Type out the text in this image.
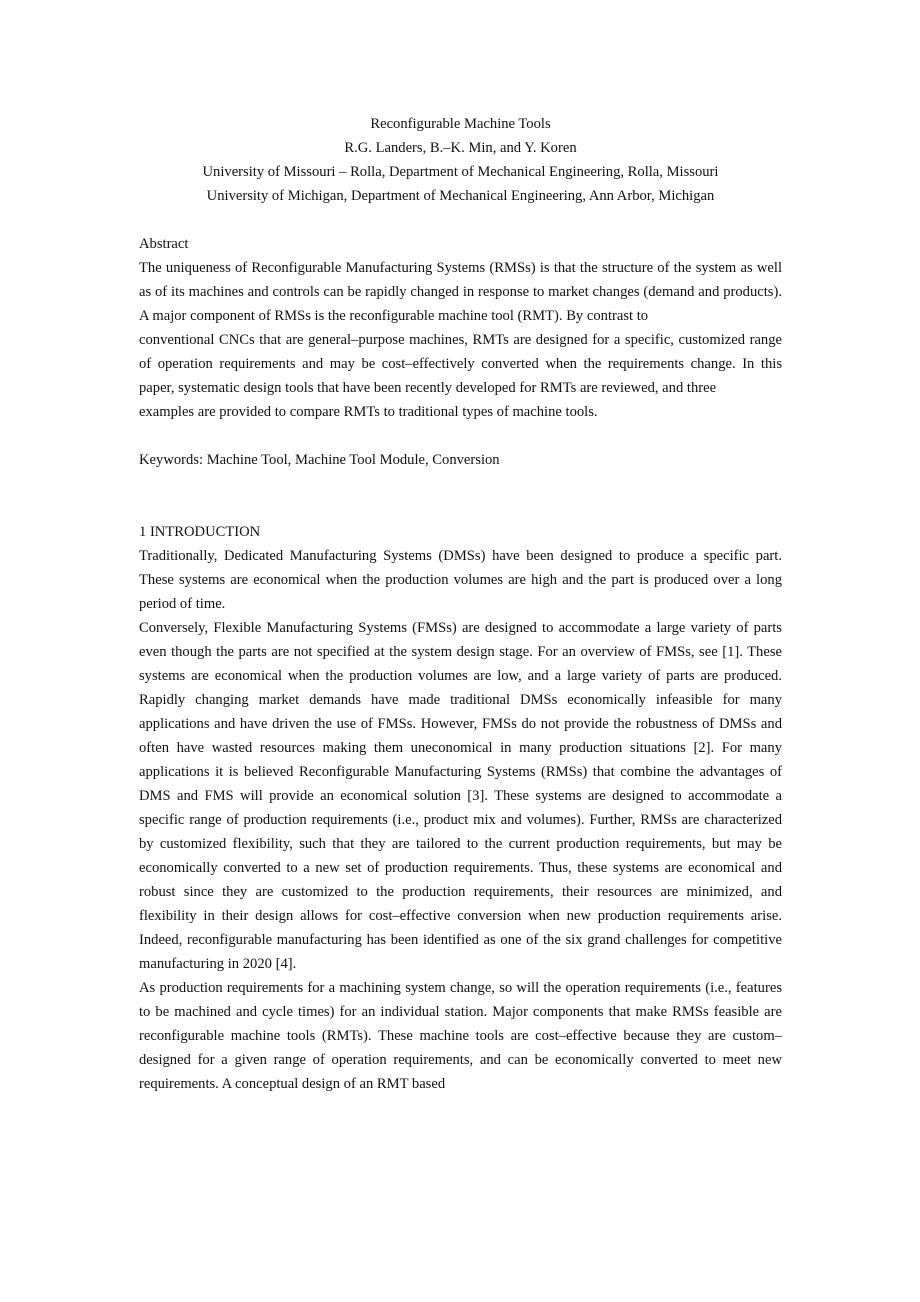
Reconfigurable Machine Tools

R.G. Landers, B.–K. Min, and Y. Koren

University of Missouri – Rolla, Department of Mechanical Engineering, Rolla, Missouri

University of Michigan, Department of Mechanical Engineering, Ann Arbor, Michigan

Abstract

The uniqueness of Reconfigurable Manufacturing Systems (RMSs) is that the structure of the system as well as of its machines and controls can be rapidly changed in response to market changes (demand and products). A major component of RMSs is the reconfigurable machine tool (RMT). By contrast to

conventional CNCs that are general–purpose machines, RMTs are designed for a specific, customized range of operation requirements and may be cost–effectively converted when the requirements change. In this paper, systematic design tools that have been recently developed for RMTs are reviewed, and three

examples are provided to compare RMTs to traditional types of machine tools.

Keywords: Machine Tool, Machine Tool Module, Conversion

1 INTRODUCTION

Traditionally, Dedicated Manufacturing Systems (DMSs) have been designed to produce a specific part. These systems are economical when the production volumes are high and the part is produced over a long period of time.

Conversely, Flexible Manufacturing Systems (FMSs) are designed to accommodate a large variety of parts even though the parts are not specified at the system design stage. For an overview of FMSs, see [1]. These systems are economical when the production volumes are low, and a large variety of parts are produced. Rapidly changing market demands have made traditional DMSs economically infeasible for many applications and have driven the use of FMSs. However, FMSs do not provide the robustness of DMSs and often have wasted resources making them uneconomical in many production situations [2]. For many applications it is believed Reconfigurable Manufacturing Systems (RMSs) that combine the advantages of DMS and FMS will provide an economical solution [3]. These systems are designed to accommodate a specific range of production requirements (i.e., product mix and volumes). Further, RMSs are characterized by customized flexibility, such that they are tailored to the current production requirements, but may be economically converted to a new set of production requirements. Thus, these systems are economical and robust since they are customized to the production requirements, their resources are minimized, and flexibility in their design allows for cost–effective conversion when new production requirements arise. Indeed, reconfigurable manufacturing has been identified as one of the six grand challenges for competitive manufacturing in 2020 [4].

As production requirements for a machining system change, so will the operation requirements (i.e., features to be machined and cycle times) for an individual station. Major components that make RMSs feasible are reconfigurable machine tools (RMTs). These machine tools are cost–effective because they are custom–designed for a given range of operation requirements, and can be economically converted to meet new requirements. A conceptual design of an RMT based
